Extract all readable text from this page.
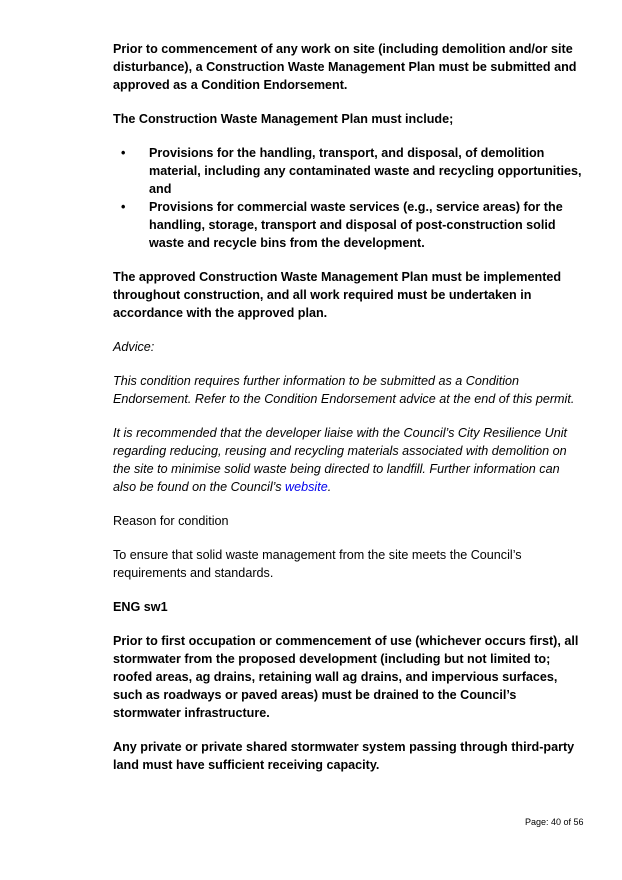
Prior to commencement of any work on site (including demolition and/or site disturbance), a Construction Waste Management Plan must be submitted and approved as a Condition Endorsement.

The Construction Waste Management Plan must include;

• Provisions for the handling, transport, and disposal, of demolition material, including any contaminated waste and recycling opportunities, and
• Provisions for commercial waste services (e.g., service areas) for the handling, storage, transport and disposal of post-construction solid waste and recycle bins from the development.

The approved Construction Waste Management Plan must be implemented throughout construction, and all work required must be undertaken in accordance with the approved plan.

Advice:

This condition requires further information to be submitted as a Condition Endorsement. Refer to the Condition Endorsement advice at the end of this permit.

It is recommended that the developer liaise with the Council’s City Resilience Unit regarding reducing, reusing and recycling materials associated with demolition on the site to minimise solid waste being directed to landfill. Further information can also be found on the Council’s website.

Reason for condition

To ensure that solid waste management from the site meets the Council’s requirements and standards.

ENG sw1

Prior to first occupation or commencement of use (whichever occurs first), all stormwater from the proposed development (including but not limited to; roofed areas, ag drains, retaining wall ag drains, and impervious surfaces, such as roadways or paved areas) must be drained to the Council’s stormwater infrastructure.

Any private or private shared stormwater system passing through third-party land must have sufficient receiving capacity.

Page: 40 of 56
